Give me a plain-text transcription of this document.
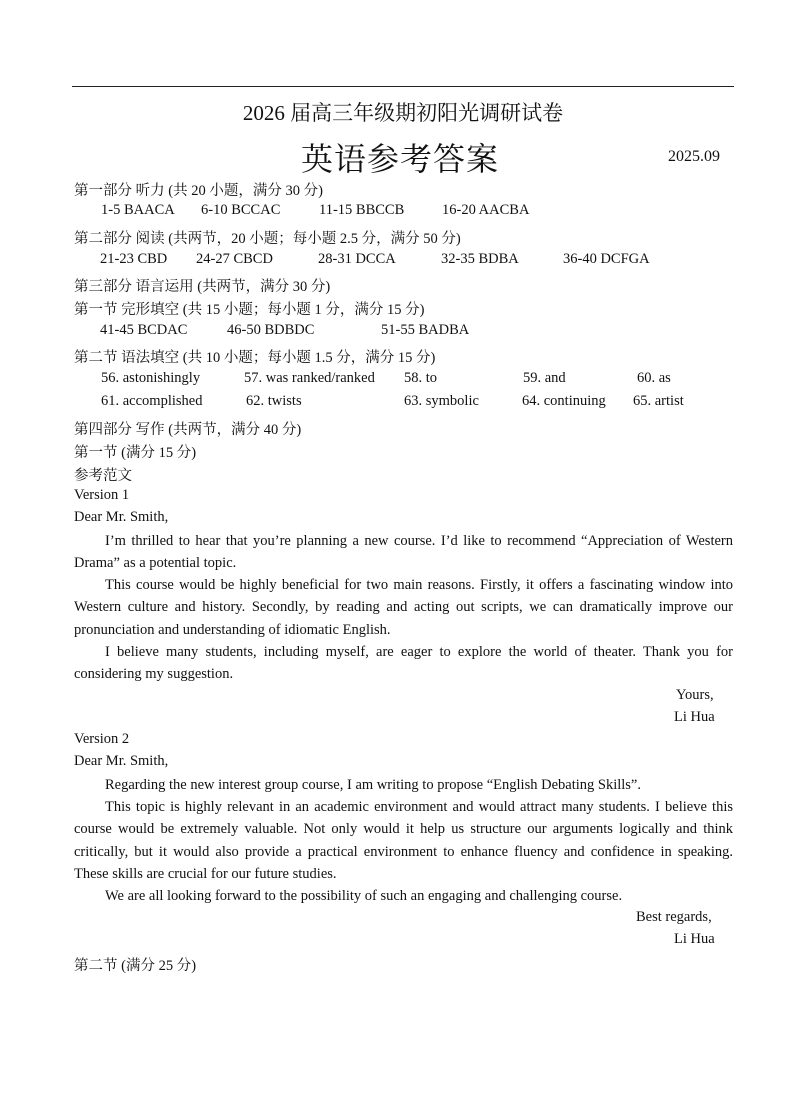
2026 届高三年级期初阳光调研试卷
英语参考答案	2025.09
第一部分 听力 (共 20 小题，满分 30 分)
1-5 BAACA 6-10 BCCAC	11-15 BBCCB	16-20 AACBA
第二部分 阅读 (共两节，20 小题；每小题 2.5 分，满分 50 分)
21-23 CBD 24-27 CBCD	28-31 DCCA	32-35 BDBA	36-40 DCFGA
第三部分 语言运用 (共两节，满分 30 分)
第一节 完形填空 (共 15 小题；每小题 1 分，满分 15 分)
41-45 BCDAC	46-50 BDBDC	51-55 BADBA
第二节 语法填空 (共 10 小题；每小题 1.5 分，满分 15 分)
56. astonishingly	57. was ranked/ranked 58. to	59. and	60. as
61. accomplished	62. twists	63. symbolic	64. continuing 65. artist
第四部分 写作 (共两节，满分 40 分)
第一节 (满分 15 分)
参考范文
Version 1
Dear Mr. Smith,
I’m thrilled to hear that you’re planning a new course. I’d like to recommend “Appreciation of Western Drama” as a potential topic.
This course would be highly beneficial for two main reasons. Firstly, it offers a fascinating window into Western culture and history. Secondly, by reading and acting out scripts, we can dramatically improve our pronunciation and understanding of idiomatic English.
I believe many students, including myself, are eager to explore the world of theater. Thank you for considering my suggestion.
Yours,
Li Hua
Version 2
Dear Mr. Smith,
Regarding the new interest group course, I am writing to propose “English Debating Skills”.
This topic is highly relevant in an academic environment and would attract many students. I believe this course would be extremely valuable. Not only would it help us structure our arguments logically and think critically, but it would also provide a practical environment to enhance fluency and confidence in speaking. These skills are crucial for our future studies.
We are all looking forward to the possibility of such an engaging and challenging course.
Best regards,
Li Hua
第二节 (满分 25 分)
